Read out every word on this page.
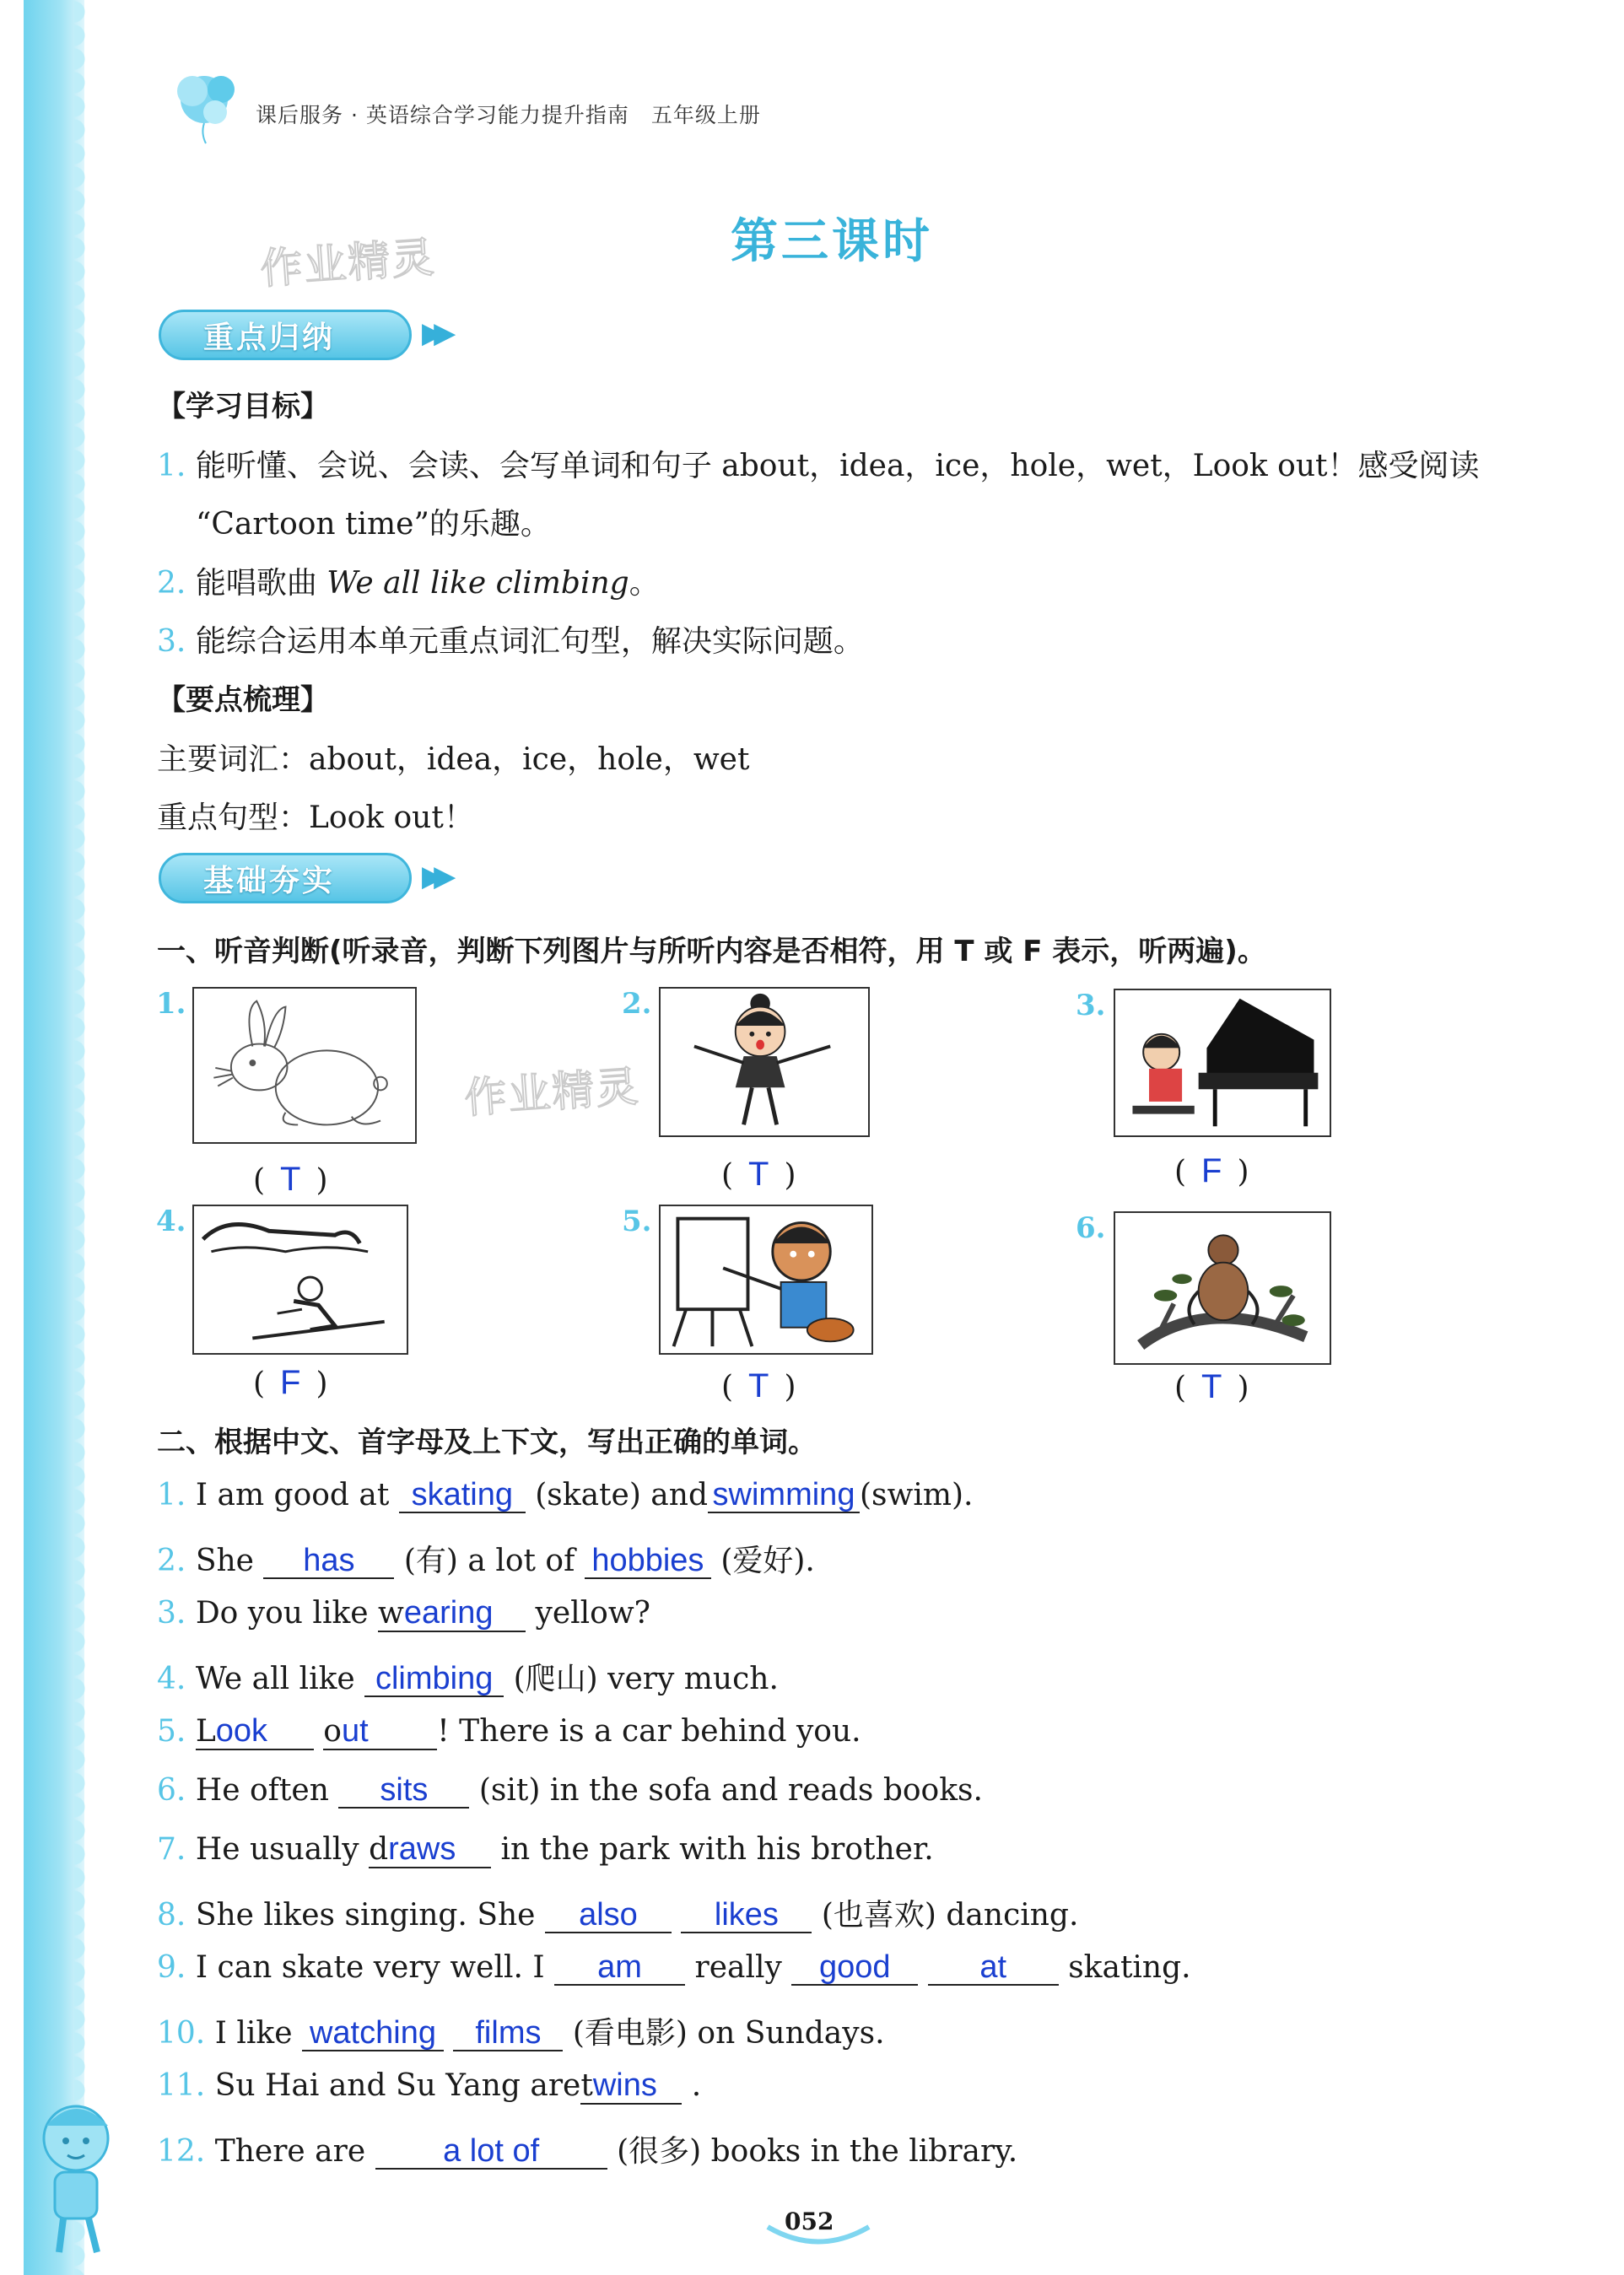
课后服务 · 英语综合学习能力提升指南　五年级上册
第三课时
作业精灵
作业精灵
重点归纳	▶▶
【学习目标】
1. 能听懂、会说、会读、会写单词和句子 about，idea，ice，hole，wet，Look out！感受阅读
“Cartoon time”的乐趣。
2. 能唱歌曲 We all like climbing。
3. 能综合运用本单元重点词汇句型，解决实际问题。
【要点梳理】
主要词汇：about，idea，ice，hole，wet
重点句型：Look out！
基础夯实	▶▶
一、听音判断(听录音，判断下列图片与所听内容是否相符，用 T 或 F 表示，听两遍)。
1.
( T )
2.
( T )
3.
( F )
4.
( F )
5.
( T )
6.
( T )
二、根据中文、首字母及上下文，写出正确的单词。
1. I am good at skating (skate) and swimming (swim).
2. She has (有) a lot of hobbies (爱好).
3. Do you like wearing yellow?
4. We all like climbing (爬山) very much.
5. Look out ! There is a car behind you.
6. He often sits (sit) in the sofa and reads books.
7. He usually draws in the park with his brother.
8. She likes singing. She also likes (也喜欢) dancing.
9. I can skate very well. I am really good	at skating.
10. I like watching films (看电影) on Sundays.
11. Su Hai and Su Yang aretwins .
12. There are a lot of	(很多) books in the library.
052
